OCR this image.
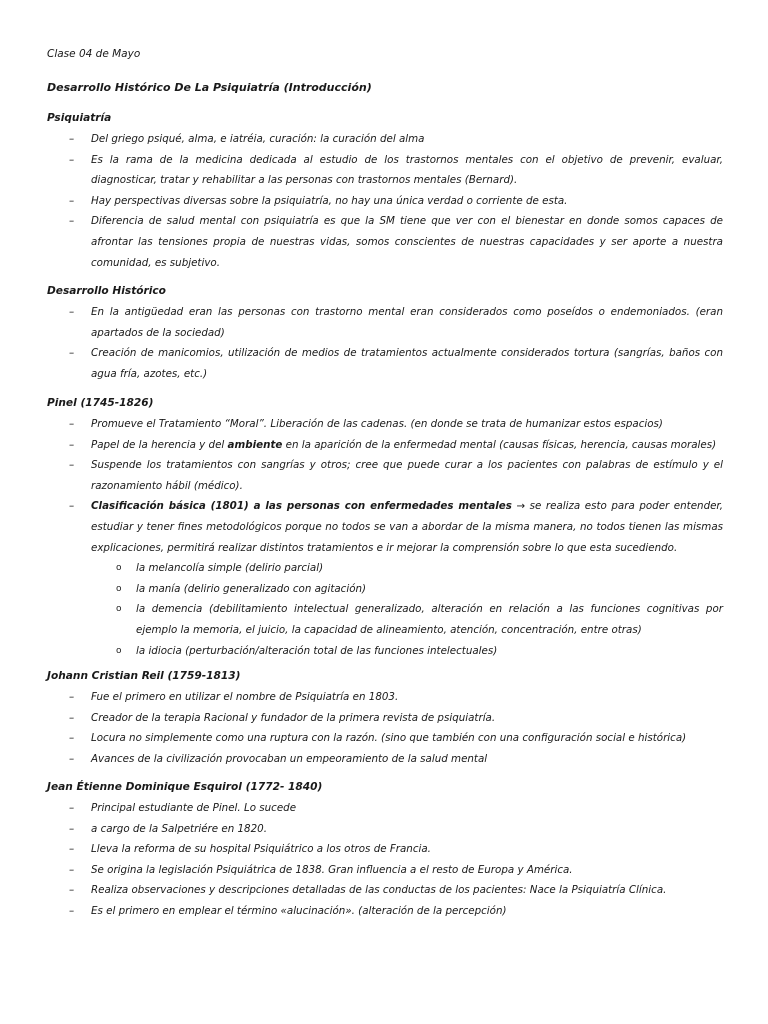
Clase 04 de Mayo
Desarrollo Histórico De La Psiquiatría (Introducción)
Psiquiatría
– Del griego psiqué, alma, e iatréia, curación: la curación del alma
– Es la rama de la medicina dedicada al estudio de los trastornos mentales con el objetivo de prevenir, evaluar, diagnosticar, tratar y rehabilitar a las personas con trastornos mentales (Bernard).
– Hay perspectivas diversas sobre la psiquiatría, no hay una única verdad o corriente de esta.
– Diferencia de salud mental con psiquiatría es que la SM tiene que ver con el bienestar en donde somos capaces de afrontar las tensiones propia de nuestras vidas, somos conscientes de nuestras capacidades y ser aporte a nuestra comunidad, es subjetivo.
Desarrollo Histórico
– En la antigüedad eran las personas con trastorno mental eran considerados como poseídos o endemoniados. (eran apartados de la sociedad)
– Creación de manicomios, utilización de medios de tratamientos actualmente considerados tortura (sangrías, baños con agua fría, azotes, etc.)
Pinel (1745-1826)
– Promueve el Tratamiento “Moral”. Liberación de las cadenas. (en donde se trata de humanizar estos espacios)
– Papel de la herencia y del ambiente en la aparición de la enfermedad mental (causas físicas, herencia, causas morales)
– Suspende los tratamientos con sangrías y otros; cree que puede curar a los pacientes con palabras de estímulo y el razonamiento hábil (médico).
– Clasificación básica (1801) a las personas con enfermedades mentales → se realiza esto para poder entender, estudiar y tener fines metodológicos porque no todos se van a abordar de la misma manera, no todos tienen las mismas explicaciones, permitirá realizar distintos tratamientos e ir mejorar la comprensión sobre lo que esta sucediendo.
o la melancolía simple (delirio parcial)
o la manía (delirio generalizado con agitación)
o la demencia (debilitamiento intelectual generalizado, alteración en relación a las funciones cognitivas por ejemplo la memoria, el juicio, la capacidad de alineamiento, atención, concentración, entre otras)
o la idiocia (perturbación/alteración total de las funciones intelectuales)
Johann Cristian Reil (1759-1813)
– Fue el primero en utilizar el nombre de Psiquiatría en 1803.
– Creador de la terapia Racional y fundador de la primera revista de psiquiatría.
– Locura no simplemente como una ruptura con la razón. (sino que también con una configuración social e histórica)
– Avances de la civilización provocaban un empeoramiento de la salud mental
Jean Étienne Dominique Esquirol (1772- 1840)
– Principal estudiante de Pinel. Lo sucede
– a cargo de la Salpetriére en 1820.
– Lleva la reforma de su hospital Psiquiátrico a los otros de Francia.
– Se origina la legislación Psiquiátrica de 1838. Gran influencia a el resto de Europa y América.
– Realiza observaciones y descripciones detalladas de las conductas de los pacientes: Nace la Psiquiatría Clínica.
– Es el primero en emplear el término «alucinación». (alteración de la percepción)
